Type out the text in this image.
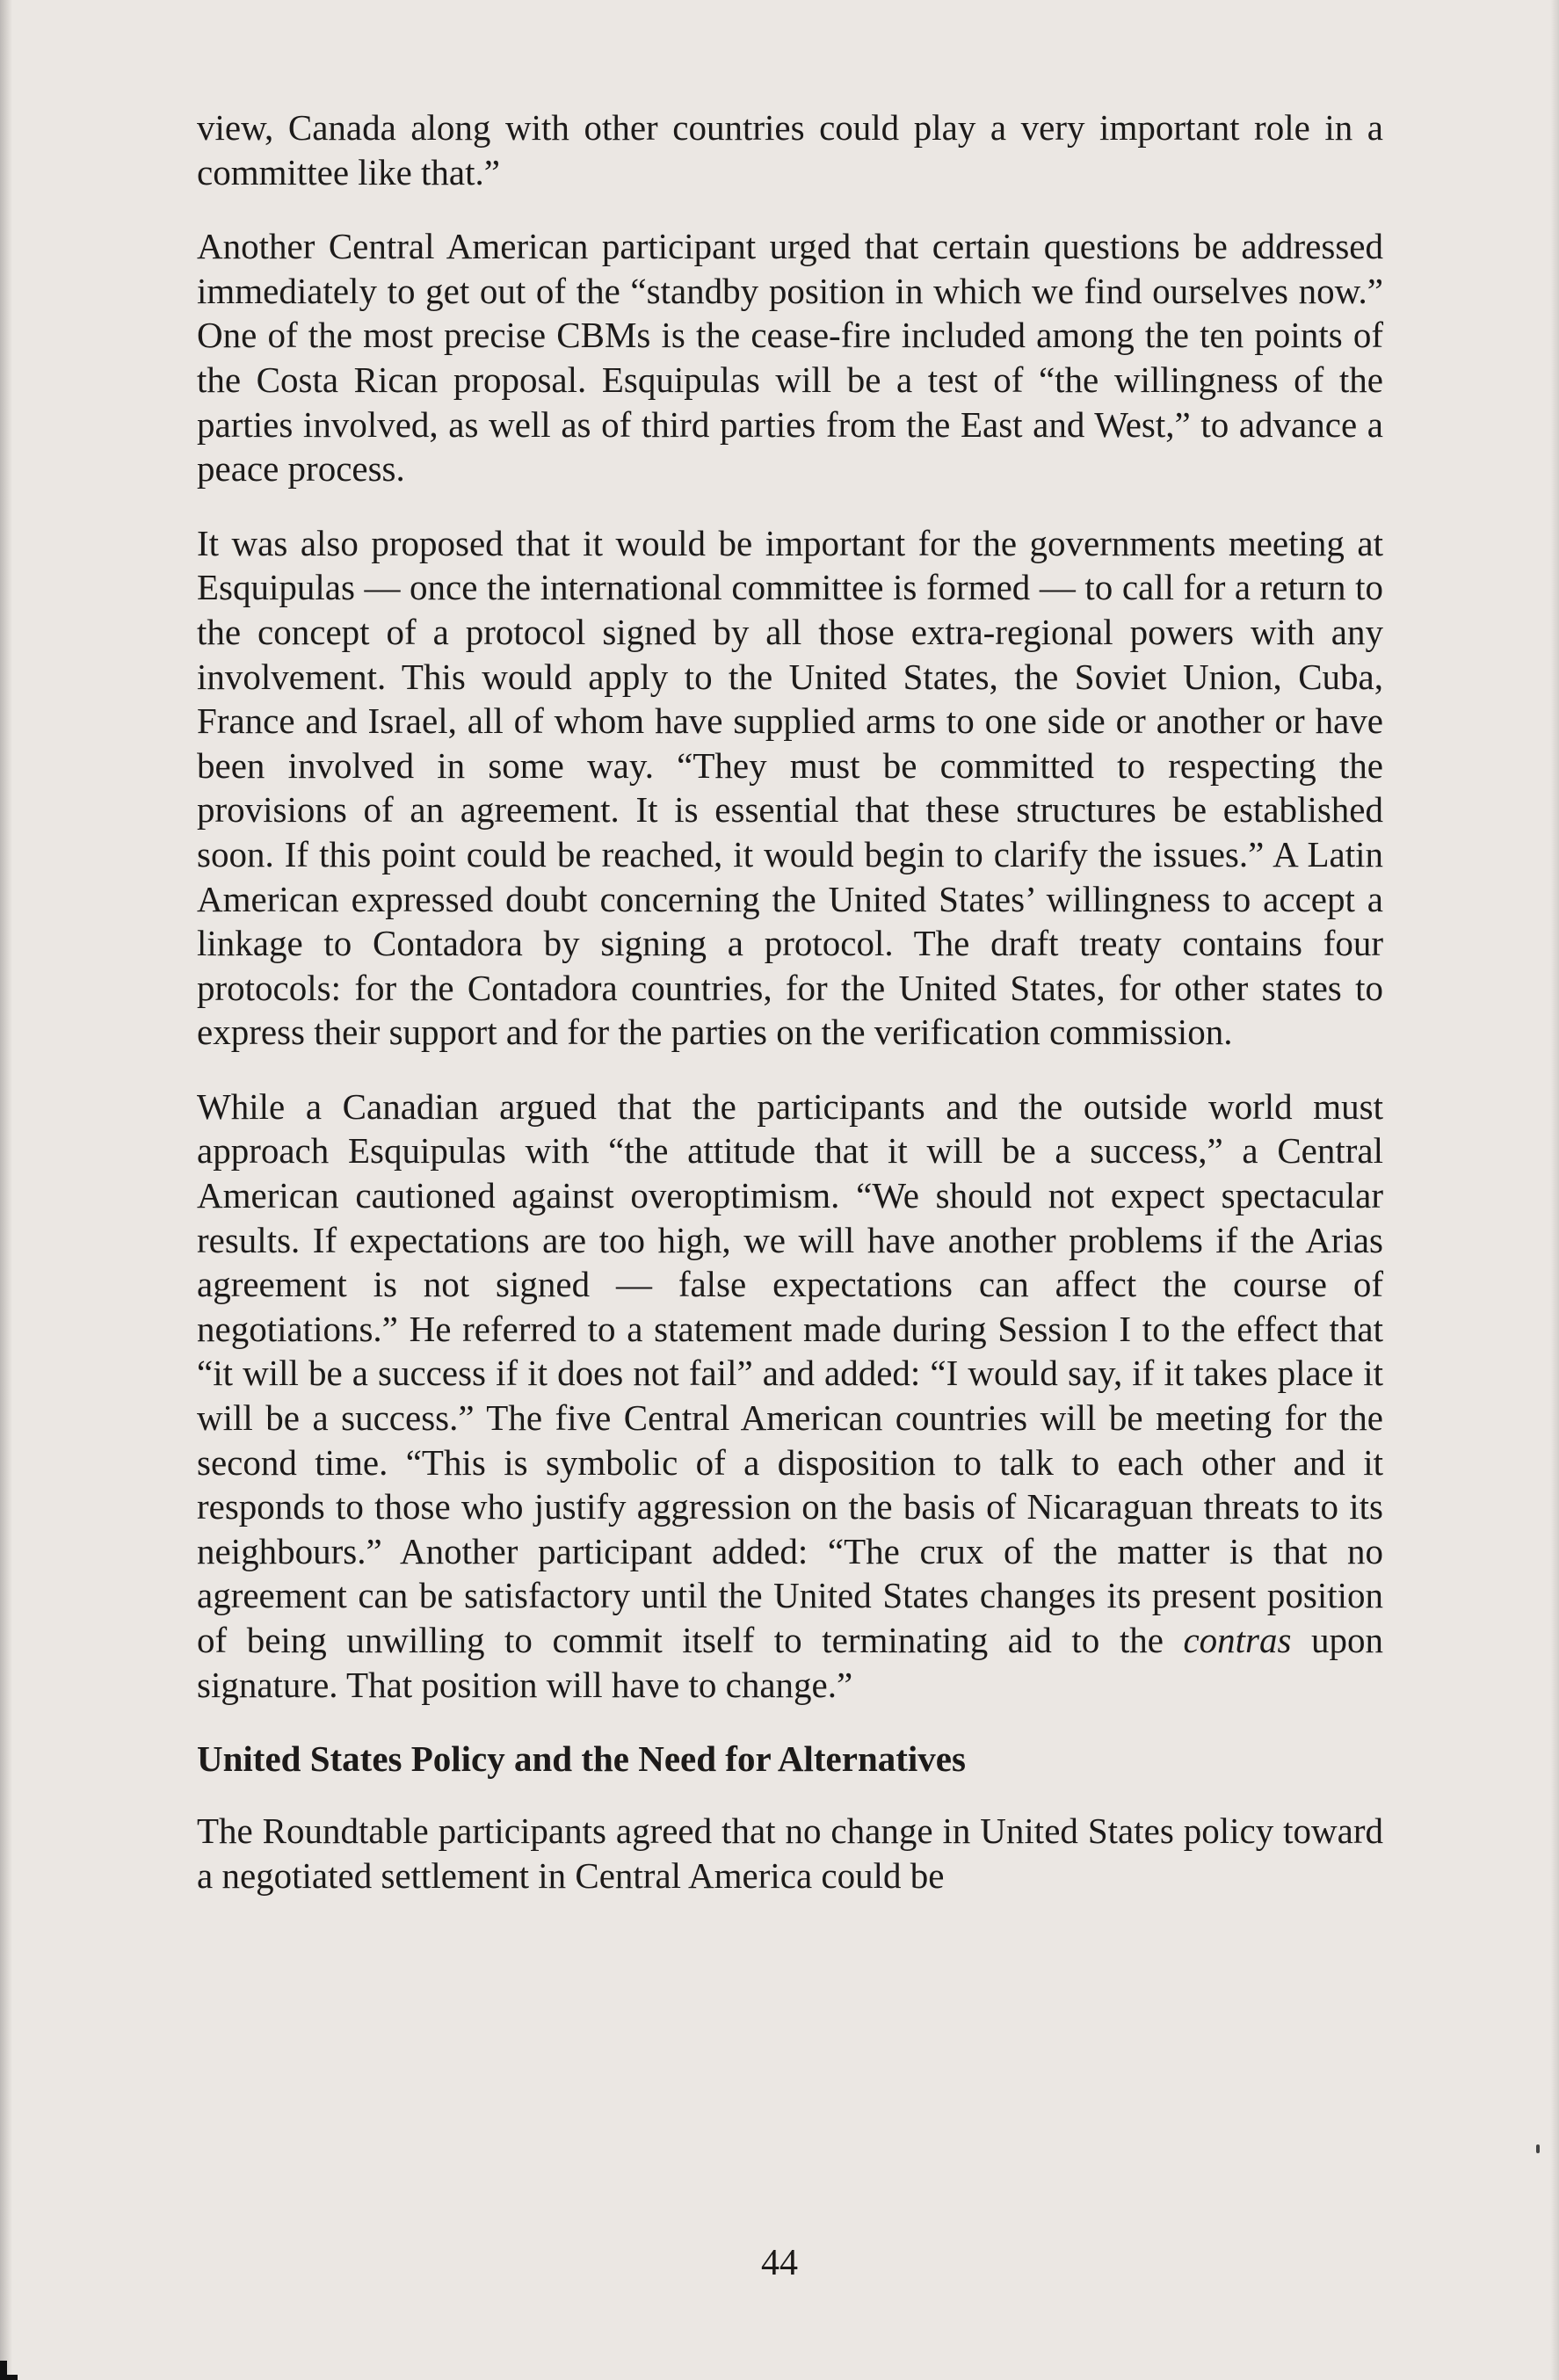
view, Canada along with other countries could play a very important role in a committee like that.”

Another Central American participant urged that certain questions be addressed immediately to get out of the “standby position in which we find ourselves now.” One of the most precise CBMs is the cease-fire included among the ten points of the Costa Rican proposal. Esquipulas will be a test of “the willingness of the parties involved, as well as of third parties from the East and West,” to advance a peace process.

It was also proposed that it would be important for the governments meeting at Esquipulas — once the international committee is formed — to call for a return to the concept of a protocol signed by all those extra-regional powers with any involvement. This would apply to the United States, the Soviet Union, Cuba, France and Israel, all of whom have supplied arms to one side or another or have been involved in some way. “They must be committed to respecting the provisions of an agreement. It is essential that these structures be established soon. If this point could be reached, it would begin to clarify the issues.” A Latin American expressed doubt concerning the United States’ willingness to accept a linkage to Contadora by signing a protocol. The draft treaty contains four protocols: for the Contadora countries, for the United States, for other states to express their support and for the parties on the verification commission.

While a Canadian argued that the participants and the outside world must approach Esquipulas with “the attitude that it will be a success,” a Central American cautioned against overoptimism. “We should not expect spectacular results. If expectations are too high, we will have another problems if the Arias agreement is not signed — false expectations can affect the course of negotiations.” He referred to a statement made during Session I to the effect that “it will be a success if it does not fail” and added: “I would say, if it takes place it will be a success.” The five Central American countries will be meeting for the second time. “This is symbolic of a disposition to talk to each other and it responds to those who justify aggression on the basis of Nicaraguan threats to its neighbours.” Another participant added: “The crux of the matter is that no agreement can be satisfactory until the United States changes its present position of being unwilling to commit itself to terminating aid to the contras upon signature. That position will have to change.”

United States Policy and the Need for Alternatives

The Roundtable participants agreed that no change in United States policy toward a negotiated settlement in Central America could be

44
